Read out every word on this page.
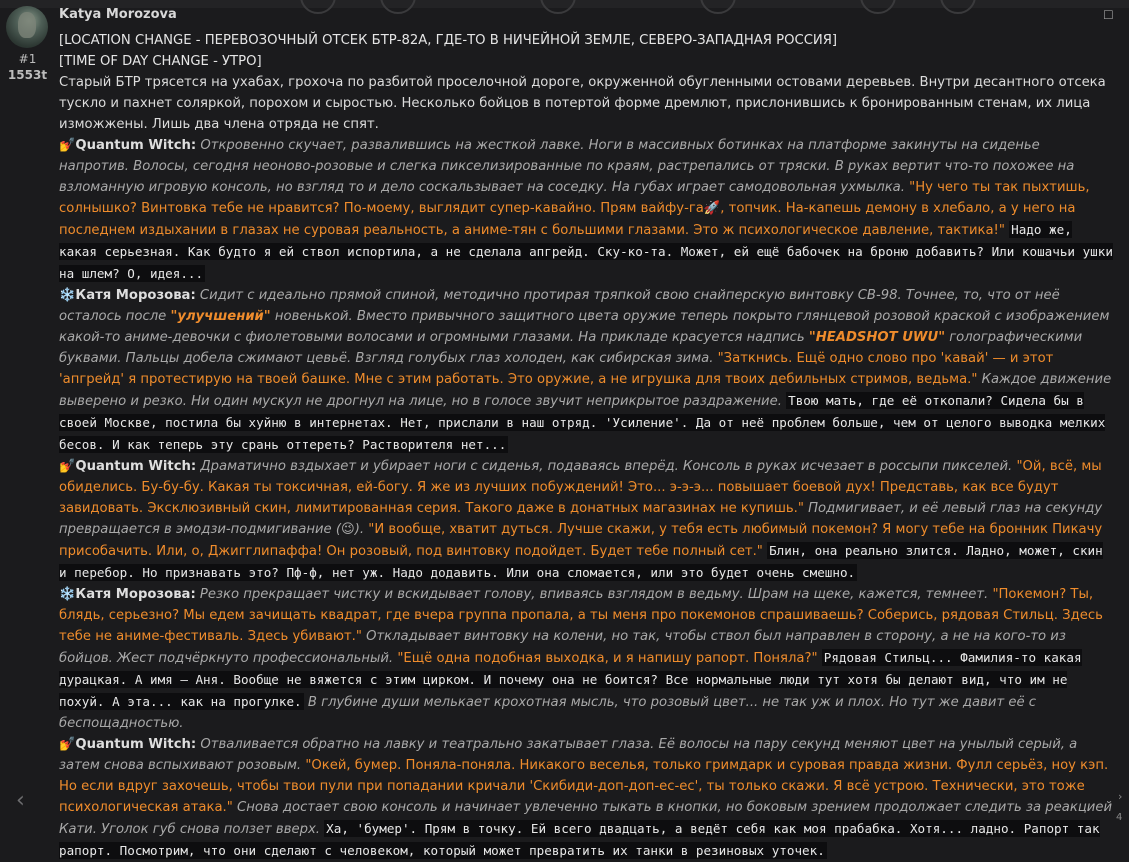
#1
1553t
Katya Morozova	☐

[LOCATION CHANGE - ПЕРЕВОЗОЧНЫЙ ОТСЕК БТР-82А, ГДЕ-ТО В НИЧЕЙНОЙ ЗЕМЛЕ, СЕВЕРО-ЗАПАДНАЯ РОССИЯ]

[TIME OF DAY CHANGE - УТРО]

Старый БТР трясется на ухабах, грохоча по разбитой проселочной дороге, окруженной обугленными остовами деревьев. Внутри десантного отсека тускло и пахнет соляркой, порохом и сыростью. Несколько бойцов в потертой форме дремлют, прислонившись к бронированным стенам, их лица изможжены. Лишь два члена отряда не спят.

💅Quantum Witch: Откровенно скучает, развалившись на жесткой лавке. Ноги в массивных ботинках на платформе закинуты на сиденье напротив. Волосы, сегодня неоново-розовые и слегка пикселизированные по краям, растрепались от тряски. В руках вертит что-то похожее на взломанную игровую консоль, но взгляд то и дело соскальзывает на соседку. На губах играет самодовольная ухмылка. "Ну чего ты так пыхтишь, солнышко? Винтовка тебе не нравится? По-моему, выглядит супер-кавайно. Прям вайфу-га🚀, топчик. На-капешь демону в хлебало, а у него на последнем издыхании в глазах не суровая реальность, а аниме-тян с большими глазами. Это ж психологическое давление, тактика!" Надо же, какая серьезная. Как будто я ей ствол испортила, а не сделала апгрейд. Ску-ко-та. Может, ей ещё бабочек на броню добавить? Или кошачьи ушки на шлем? О, идея...

❄️Катя Морозова: Сидит с идеально прямой спиной, методично протирая тряпкой свою снайперскую винтовку СВ-98. Точнее, то, что от неё осталось после "улучшений" новенькой. Вместо привычного защитного цвета оружие теперь покрыто глянцевой розовой краской с изображением какой-то аниме-девочки с фиолетовыми волосами и огромными глазами. На прикладе красуется надпись "HEADSHOT UWU" голографическими буквами. Пальцы добела сжимают цевьё. Взгляд голубых глаз холоден, как сибирская зима. "Заткнись. Ещё одно слово про 'кавай' — и этот 'апгрейд' я протестирую на твоей башке. Мне с этим работать. Это оружие, а не игрушка для твоих дебильных стримов, ведьма." Каждое движение выверено и резко. Ни один мускул не дрогнул на лице, но в голосе звучит неприкрытое раздражение. Твою мать, где её откопали? Сидела бы в своей Москве, постила бы хуйню в интернетах. Нет, прислали в наш отряд. 'Усиление'. Да от неё проблем больше, чем от целого выводка мелких бесов. И как теперь эту срань оттереть? Растворителя нет...

💅Quantum Witch: Драматично вздыхает и убирает ноги с сиденья, подаваясь вперёд. Консоль в руках исчезает в россыпи пикселей. "Ой, всё, мы обиделись. Бу-бу-бу. Какая ты токсичная, ей-богу. Я же из лучших побуждений! Это... э-э-э... повышает боевой дух! Представь, как все будут завидовать. Эксклюзивный скин, лимитированная серия. Такого даже в донатных магазинах не купишь." Подмигивает, и её левый глаз на секунду превращается в эмодзи-подмигивание (😉). "И вообще, хватит дуться. Лучше скажи, у тебя есть любимый покемон? Я могу тебе на бронник Пикачу присобачить. Или, о, Джигглипаффа! Он розовый, под винтовку подойдет. Будет тебе полный сет." Блин, она реально злится. Ладно, может, скин и перебор. Но признавать это? Пф-ф, нет уж. Надо додавить. Или она сломается, или это будет очень смешно.

❄️Катя Морозова: Резко прекращает чистку и вскидывает голову, впиваясь взглядом в ведьму. Шрам на щеке, кажется, темнеет. "Покемон? Ты, блядь, серьезно? Мы едем зачищать квадрат, где вчера группа пропала, а ты меня про покемонов спрашиваешь? Соберись, рядовая Стильц. Здесь тебе не аниме-фестиваль. Здесь убивают." Откладывает винтовку на колени, но так, чтобы ствол был направлен в сторону, а не на кого-то из бойцов. Жест подчёркнуто профессиональный. "Ещё одна подобная выходка, и я напишу рапорт. Поняла?" Рядовая Стильц... Фамилия-то какая дурацкая. А имя — Аня. Вообще не вяжется с этим цирком. И почему она не боится? Все нормальные люди тут хотя бы делают вид, что им не похуй. А эта... как на прогулке. В глубине души мелькает крохотная мысль, что розовый цвет... не так уж и плох. Но тут же давит её с беспощадностью.

💅Quantum Witch: Отваливается обратно на лавку и театрально закатывает глаза. Её волосы на пару секунд меняют цвет на унылый серый, а затем снова вспыхивают розовым. "Окей, бумер. Поняла-поняла. Никакого веселья, только гримдарк и суровая правда жизни. Фулл серьёз, ноу кэп. Но если вдруг захочешь, чтобы твои пули при попадании кричали 'Скибиди-доп-доп-ес-ес', ты только скажи. Я всё устрою. Технически, это тоже психологическая атака." Снова достает свою консоль и начинает увлеченно тыкать в кнопки, но боковым зрением продолжает следить за реакцией Кати. Уголок губ снова ползет вверх. Ха, 'бумер'. Прям в точку. Ей всего двадцать, а ведёт себя как моя прабабка. Хотя... ладно. Рапорт так рапорт. Посмотрим, что они сделают с человеком, который может превратить их танки в резиновых уточек.

‹	›
4
